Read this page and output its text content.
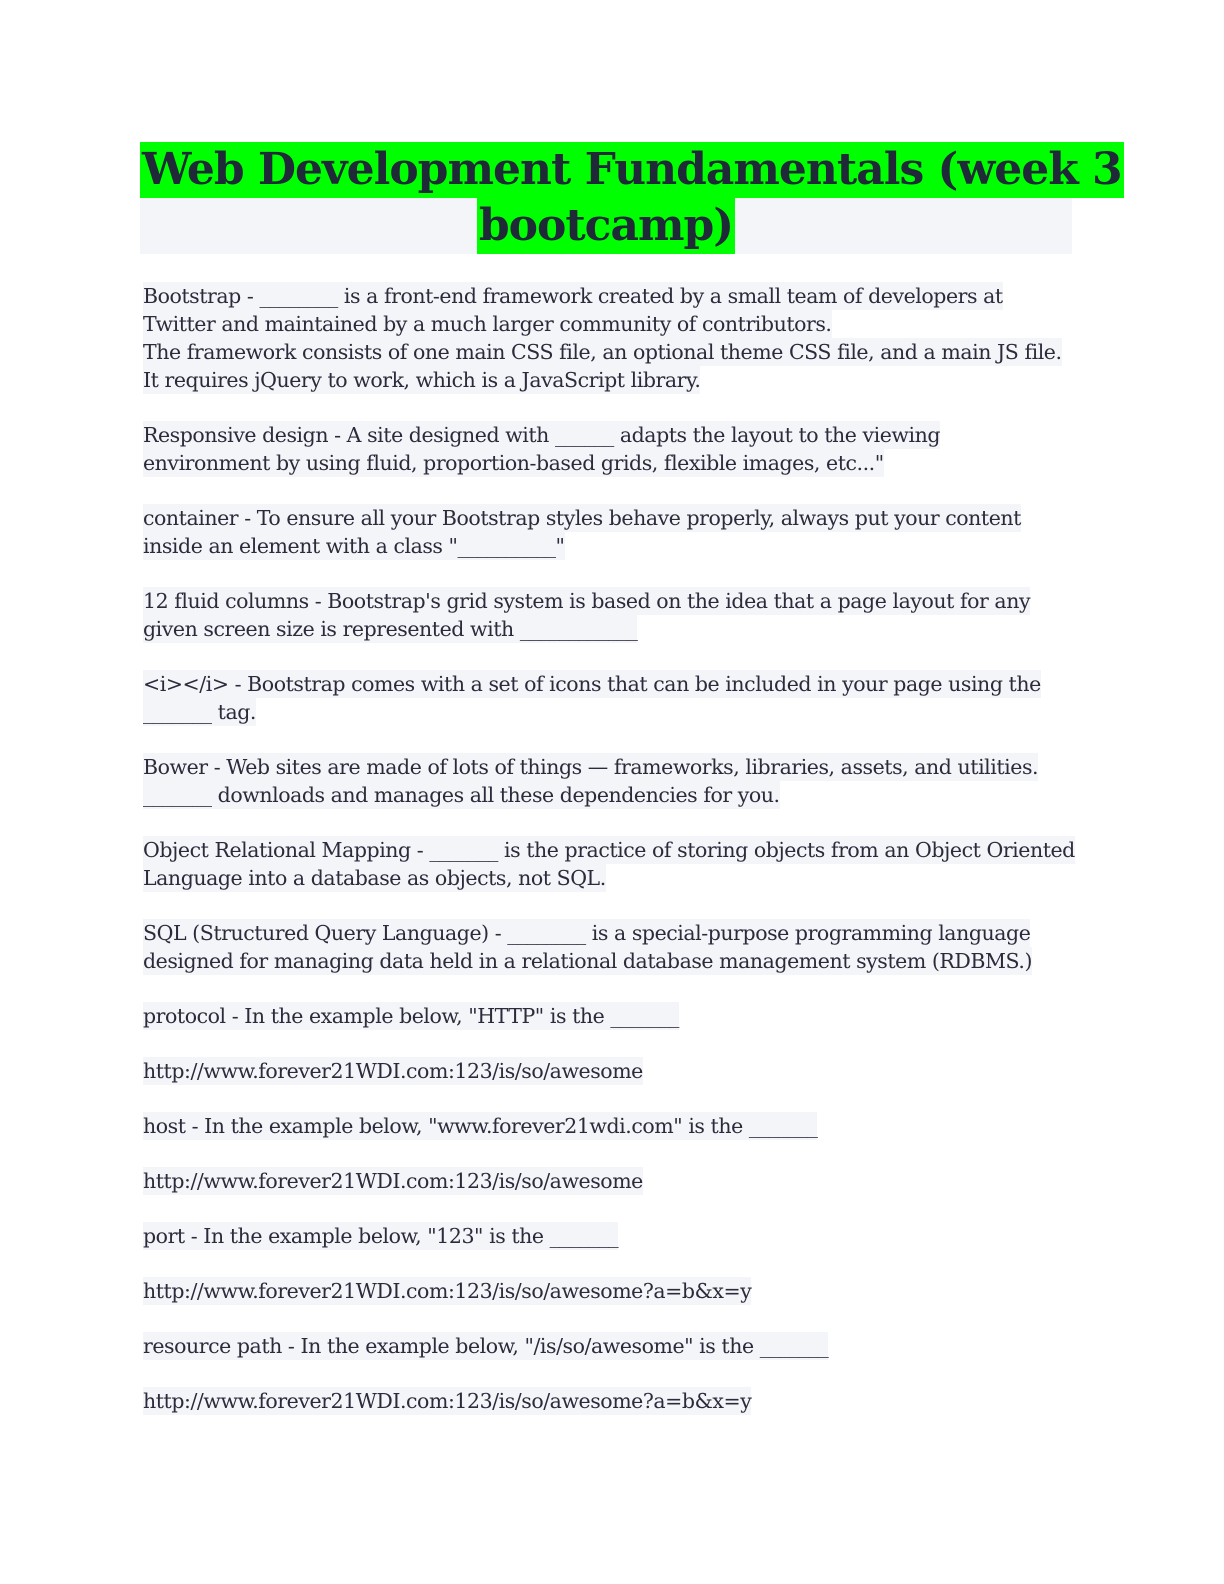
Web Development Fundamentals (week 3
bootcamp)
Bootstrap - ________ is a front-end framework created by a small team of developers at
Twitter and maintained by a much larger community of contributors.
The framework consists of one main CSS file, an optional theme CSS file, and a main JS file.
It requires jQuery to work, which is a JavaScript library.
Responsive design - A site designed with ______ adapts the layout to the viewing
environment by using fluid, proportion-based grids, flexible images, etc..."
container - To ensure all your Bootstrap styles behave properly, always put your content
inside an element with a class "__________"
12 fluid columns - Bootstrap's grid system is based on the idea that a page layout for any
given screen size is represented with ____________
<i></i> - Bootstrap comes with a set of icons that can be included in your page using the
_______ tag.
Bower - Web sites are made of lots of things — frameworks, libraries, assets, and utilities.
_______ downloads and manages all these dependencies for you.
Object Relational Mapping - _______ is the practice of storing objects from an Object Oriented
Language into a database as objects, not SQL.
SQL (Structured Query Language) - ________ is a special-purpose programming language
designed for managing data held in a relational database management system (RDBMS.)
protocol - In the example below, "HTTP" is the _______
http://www.forever21WDI.com:123/is/so/awesome
host - In the example below, "www.forever21wdi.com" is the _______
http://www.forever21WDI.com:123/is/so/awesome
port - In the example below, "123" is the _______
http://www.forever21WDI.com:123/is/so/awesome?a=b&x=y
resource path - In the example below, "/is/so/awesome" is the _______
http://www.forever21WDI.com:123/is/so/awesome?a=b&x=y
